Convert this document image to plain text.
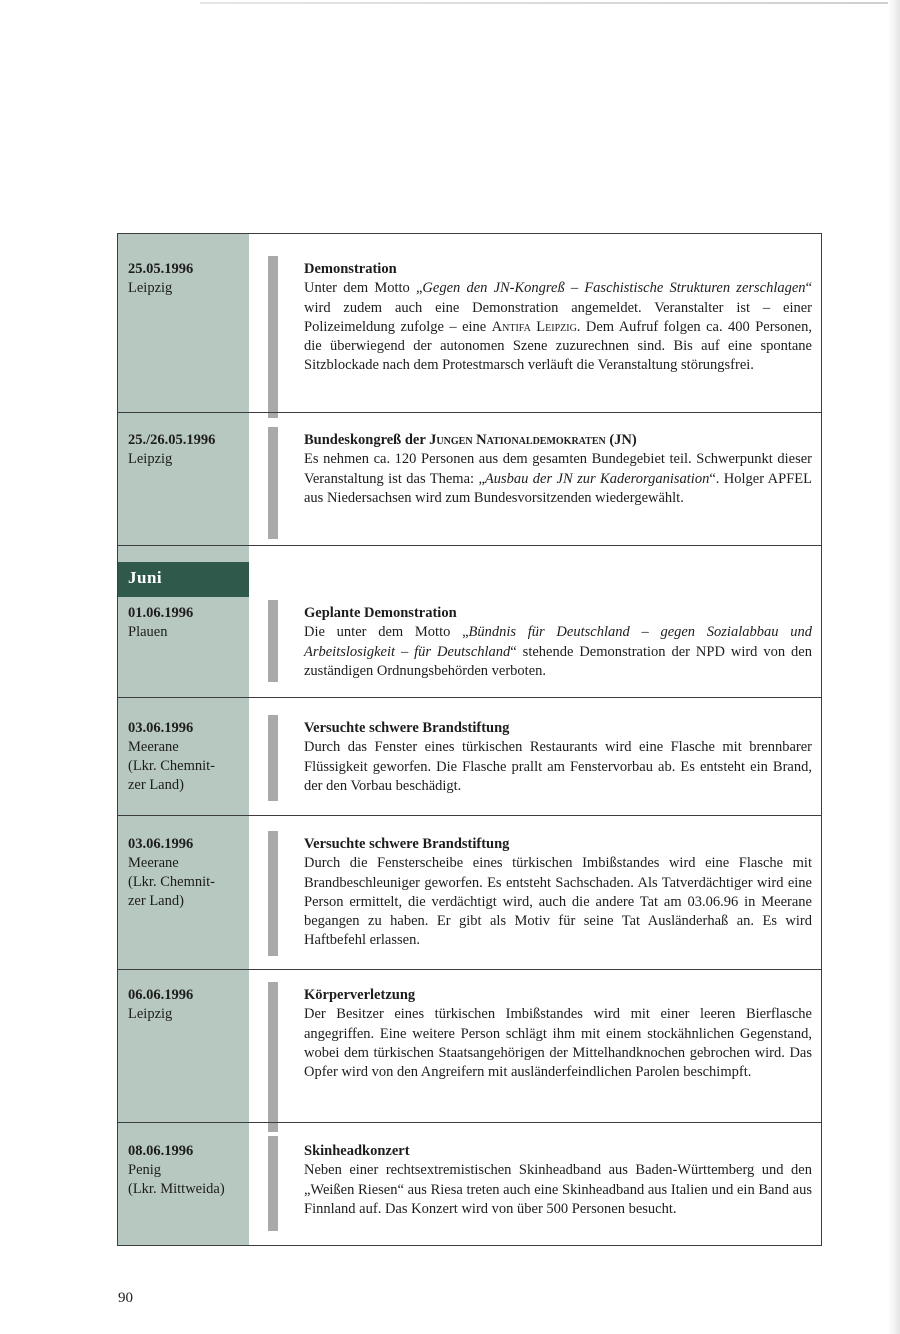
25.05.1996
Leipzig
Demonstration
Unter dem Motto „Gegen den JN-Kongreß – Faschistische Strukturen zerschlagen“ wird zudem auch eine Demonstration angemeldet. Veranstalter ist – einer Polizeimeldung zufolge – eine Antifa Leipzig. Dem Aufruf folgen ca. 400 Personen, die überwiegend der autonomen Szene zuzurechnen sind. Bis auf eine spontane Sitzblockade nach dem Protestmarsch verläuft die Veranstaltung störungsfrei.
25./26.05.1996
Leipzig
Bundeskongreß der Jungen Nationaldemokraten (JN)
Es nehmen ca. 120 Personen aus dem gesamten Bundegebiet teil. Schwerpunkt dieser Veranstaltung ist das Thema: „Ausbau der JN zur Kaderorganisation“. Holger APFEL aus Niedersachsen wird zum Bundesvorsitzenden wiedergewählt.
Juni
01.06.1996
Plauen
Geplante Demonstration
Die unter dem Motto „Bündnis für Deutschland – gegen Sozialabbau und Arbeitslosigkeit – für Deutschland“ stehende Demonstration der NPD wird von den zuständigen Ordnungsbehörden verboten.
03.06.1996
Meerane
(Lkr. Chemnit-
zer Land)
Versuchte schwere Brandstiftung
Durch das Fenster eines türkischen Restaurants wird eine Flasche mit brennbarer Flüssigkeit geworfen. Die Flasche prallt am Fenstervorbau ab. Es entsteht ein Brand, der den Vorbau beschädigt.
03.06.1996
Meerane
(Lkr. Chemnit-
zer Land)
Versuchte schwere Brandstiftung
Durch die Fensterscheibe eines türkischen Imbißstandes wird eine Flasche mit Brandbeschleuniger geworfen. Es entsteht Sachschaden. Als Tatverdächtiger wird eine Person ermittelt, die verdächtigt wird, auch die andere Tat am 03.06.96 in Meerane begangen zu haben. Er gibt als Motiv für seine Tat Ausländerhaß an. Es wird Haftbefehl erlassen.
06.06.1996
Leipzig
Körperverletzung
Der Besitzer eines türkischen Imbißstandes wird mit einer leeren Bierflasche angegriffen. Eine weitere Person schlägt ihm mit einem stockähnlichen Gegenstand, wobei dem türkischen Staatsangehörigen der Mittelhandknochen gebrochen wird. Das Opfer wird von den Angreifern mit ausländerfeindlichen Parolen beschimpft.
08.06.1996
Penig
(Lkr. Mittweida)
Skinheadkonzert
Neben einer rechtsextremistischen Skinheadband aus Baden-Württemberg und den „Weißen Riesen“ aus Riesa treten auch eine Skinheadband aus Italien und ein Band aus Finnland auf. Das Konzert wird von über 500 Personen besucht.
90
